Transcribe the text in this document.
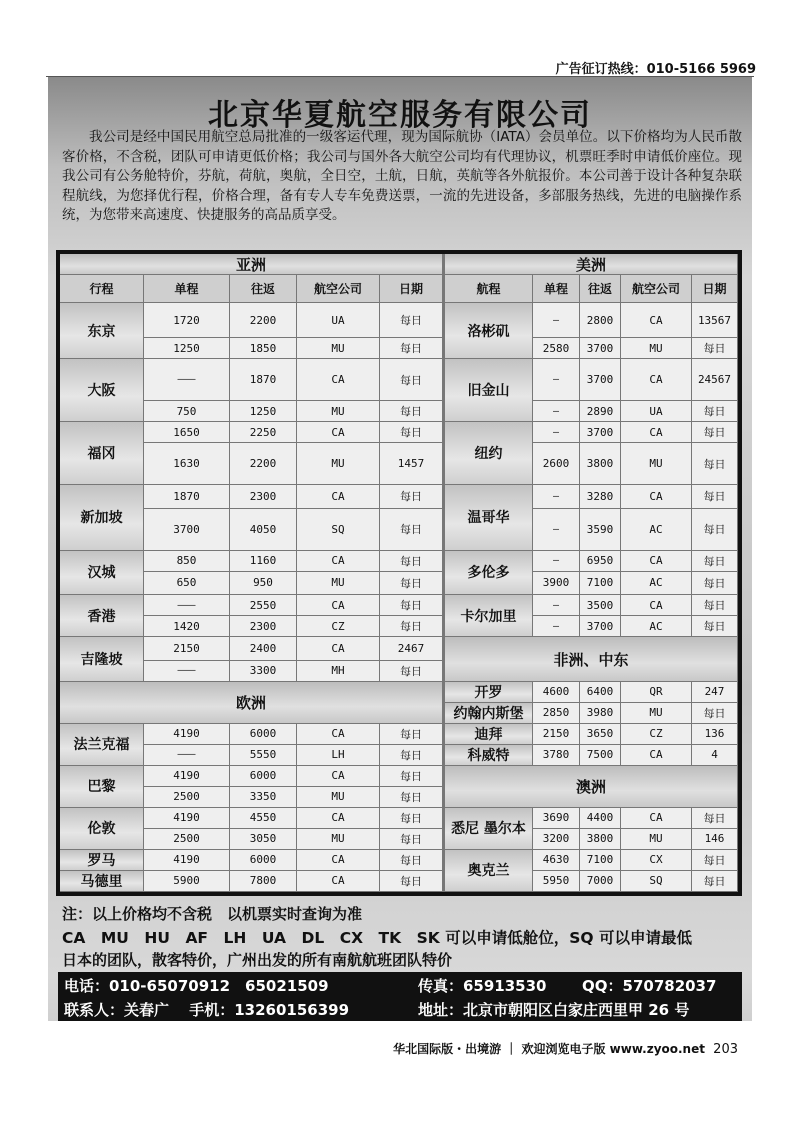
广告征订热线：010-5166 5969
北京华夏航空服务有限公司
我公司是经中国民用航空总局批准的一级客运代理，现为国际航协（IATA）会员单位。以下价格均为人民币散客价格，不含税，团队可申请更低价格；我公司与国外各大航空公司均有代理协议，机票旺季时申请低价座位。现我公司有公务舱特价，芬航，荷航，奥航，全日空，土航，日航，英航等各外航报价。本公司善于设计各种复杂联程航线，为您择优行程，价格合理，备有专人专车免费送票，一流的先进设备，多部服务热线，先进的电脑操作系统，为您带来高速度、快捷服务的高品质享受。
亚洲
行程	单程	往返	航空公司	日期
东京
1720	2200	UA	每日
1250	1850	MU	每日
大阪
———	1870	CA	每日
750	1250	MU	每日
福冈
1650	2250	CA	每日
1630	2200	MU	1457
新加坡
1870	2300	CA	每日
3700	4050	SQ	每日
汉城
850	1160	CA	每日
650	950	MU	每日
香港
———	2550	CA	每日
1420	2300	CZ	每日
吉隆坡
2150	2400	CA	2467
———	3300	MH	每日
欧洲
法兰克福
4190	6000	CA	每日
———	5550	LH	每日
巴黎
4190	6000	CA	每日
2500	3350	MU	每日
伦敦
4190	4550	CA	每日
2500	3050	MU	每日
罗马	4190	6000	CA	每日
马德里	5900	7800	CA	每日
美洲
航程	单程	往返	航空公司	日期
洛彬矶
—	2800	CA	13567
2580	3700	MU	每日
旧金山
—	3700	CA	24567
—	2890	UA	每日
纽约
—	3700	CA	每日
2600	3800	MU	每日
温哥华
—	3280	CA	每日
—	3590	AC	每日
多伦多
—	6950	CA	每日
3900	7100	AC	每日
卡尔加里
—	3500	CA	每日
—	3700	AC	每日
非洲、中东
开罗	4600	6400	QR	247
约翰内斯堡	2850	3980	MU	每日
迪拜	2150	3650	CZ	136
科威特	3780	7500	CA	4
澳洲
悉尼 墨尔本
3690	4400	CA	每日
3200	3800	MU	146
奥克兰
4630	7100	CX	每日
5950	7000	SQ	每日
注：以上价格均不含税　以机票实时查询为准
CA　MU　HU　AF　LH　UA　DL　CX　TK　SK 可以申请低舱位，SQ 可以申请最低
日本的团队，散客特价，广州出发的所有南航航班团队特价
电话：010-65070912　65021509	传真：65913530 QQ：570782037
联系人：关春广　 手机：13260156399	地址：北京市朝阳区白家庄西里甲 26 号
华北国际版・出境游 ｜ 欢迎浏览电子版 www.zyoo.net 203
